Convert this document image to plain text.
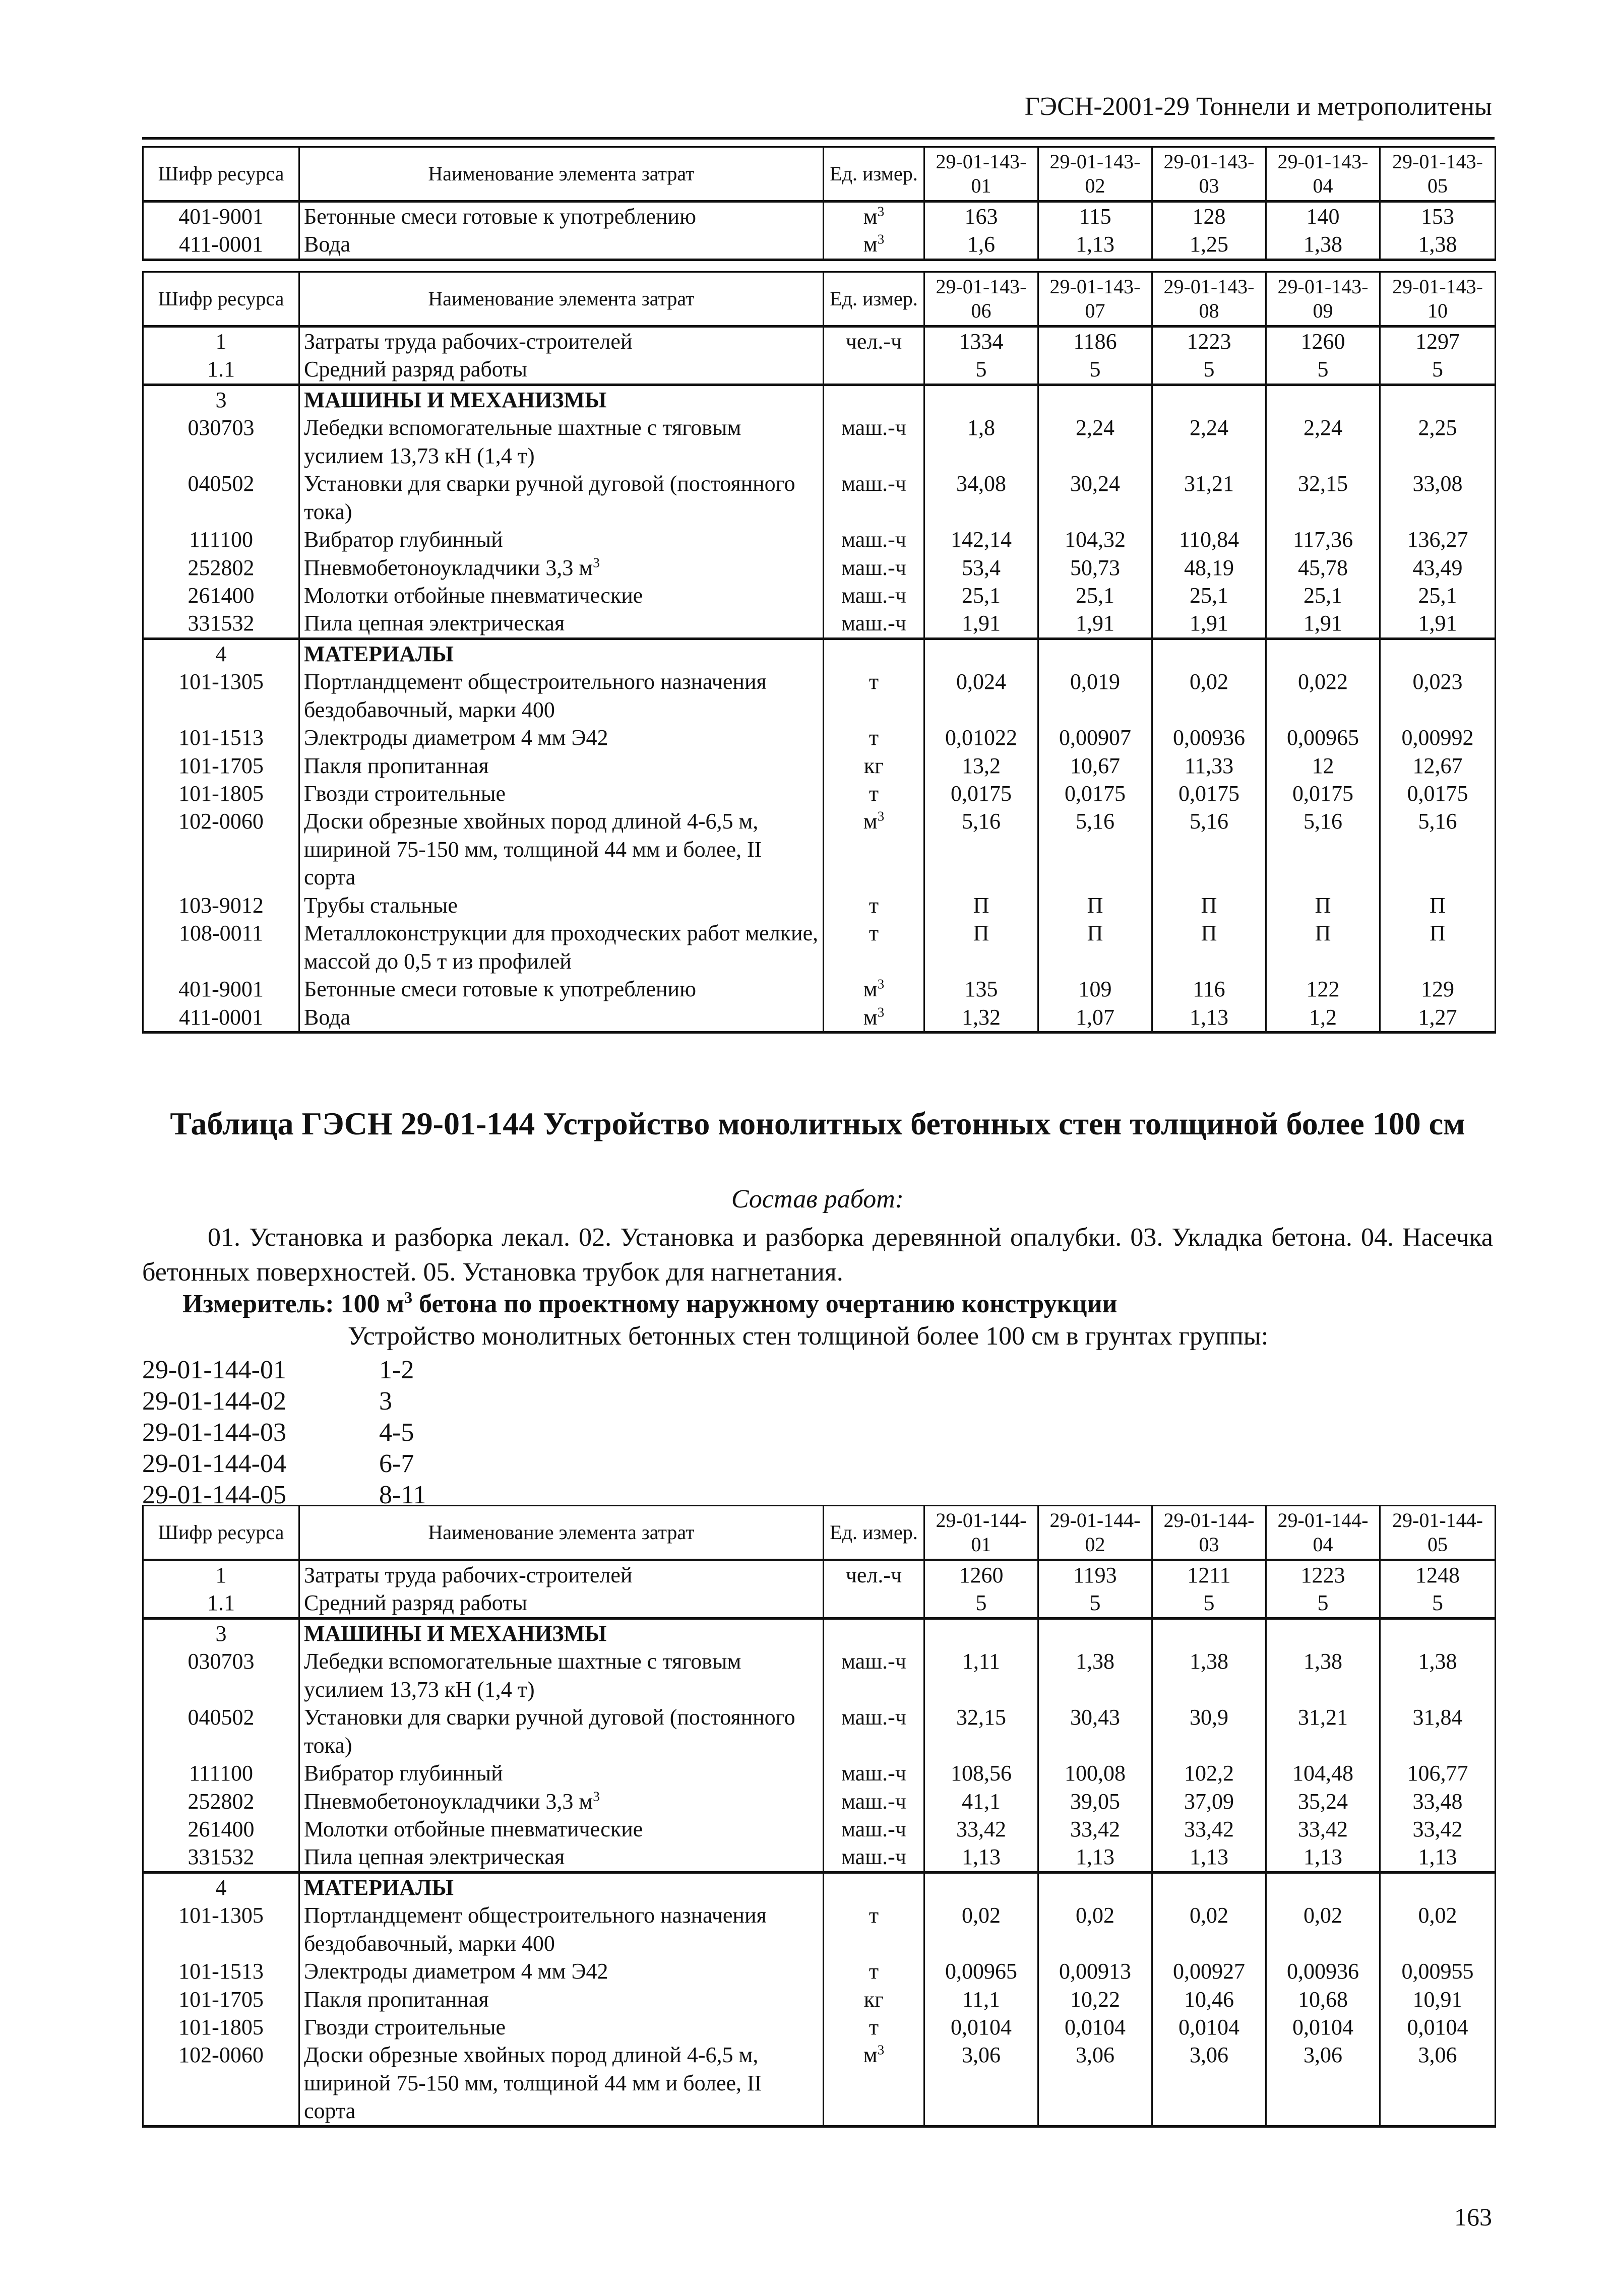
ГЭСН-2001-29 Тоннели и метрополитены
Шифр ресурса	Наименование элемента затрат	Ед. измер.	29-01-143-01	29-01-143-02	29-01-143-03	29-01-143-04	29-01-143-05
401-9001	Бетонные смеси готовые к употреблению	$м^3$	163	115	128	140	153
411-0001	Вода	$м^3$	1,6	1,13	1,25	1,38	1,38
Шифр ресурса	Наименование элемента затрат	Ед. измер.	29-01-143-06	29-01-143-07	29-01-143-08	29-01-143-09	29-01-143-10
1	Затраты труда рабочих-строителей	чел.-ч	1334	1186	1223	1260	1297
1.1	Средний разряд работы		5	5	5	5	5
3	МАШИНЫ И МЕХАНИЗМЫ						
030703	Лебедки вспомогательные шахтные с тяговым усилием 13,73 кН (1,4 т)	маш.-ч	1,8	2,24	2,24	2,24	2,25
040502	Установки для сварки ручной дуговой (постоянного тока)	маш.-ч	34,08	30,24	31,21	32,15	33,08
111100	Вибратор глубинный	маш.-ч	142,14	104,32	110,84	117,36	136,27
252802	Пневмобетоноукладчики 3,3 $м^3$	маш.-ч	53,4	50,73	48,19	45,78	43,49
261400	Молотки отбойные пневматические	маш.-ч	25,1	25,1	25,1	25,1	25,1
331532	Пила цепная электрическая	маш.-ч	1,91	1,91	1,91	1,91	1,91
4	МАТЕРИАЛЫ						
101-1305	Портландцемент общестроительного назначения бездобавочный, марки 400	т	0,024	0,019	0,02	0,022	0,023
101-1513	Электроды диаметром 4 мм Э42	т	0,01022	0,00907	0,00936	0,00965	0,00992
101-1705	Пакля пропитанная	кг	13,2	10,67	11,33	12	12,67
101-1805	Гвозди строительные	т	0,0175	0,0175	0,0175	0,0175	0,0175
102-0060	Доски обрезные хвойных пород длиной 4-6,5 м, шириной 75-150 мм, толщиной 44 мм и более, II сорта	$м^3$	5,16	5,16	5,16	5,16	5,16
103-9012	Трубы стальные	т	П	П	П	П	П
108-0011	Металлоконструкции для проходческих работ мелкие, массой до 0,5 т из профилей	т	П	П	П	П	П
401-9001	Бетонные смеси готовые к употреблению	$м^3$	135	109	116	122	129
411-0001	Вода	$м^3$	1,32	1,07	1,13	1,2	1,27
Таблица ГЭСН 29-01-144 Устройство монолитных бетонных стен толщиной более 100 см
Состав работ:
01. Установка и разборка лекал. 02. Установка и разборка деревянной опалубки. 03. Укладка бетона. 04. Насечка бетонных поверхностей. 05. Установка трубок для нагнетания.
Измеритель: 100 $м^3$ бетона по проектному наружному очертанию конструкции
Устройство монолитных бетонных стен толщиной более 100 см в грунтах группы:
29-01-144-01	1-2
29-01-144-02	3
29-01-144-03	4-5
29-01-144-04	6-7
29-01-144-05	8-11
Шифр ресурса	Наименование элемента затрат	Ед. измер.	29-01-144-01	29-01-144-02	29-01-144-03	29-01-144-04	29-01-144-05
1	Затраты труда рабочих-строителей	чел.-ч	1260	1193	1211	1223	1248
1.1	Средний разряд работы		5	5	5	5	5
3	МАШИНЫ И МЕХАНИЗМЫ						
030703	Лебедки вспомогательные шахтные с тяговым усилием 13,73 кН (1,4 т)	маш.-ч	1,11	1,38	1,38	1,38	1,38
040502	Установки для сварки ручной дуговой (постоянного тока)	маш.-ч	32,15	30,43	30,9	31,21	31,84
111100	Вибратор глубинный	маш.-ч	108,56	100,08	102,2	104,48	106,77
252802	Пневмобетоноукладчики 3,3 $м^3$	маш.-ч	41,1	39,05	37,09	35,24	33,48
261400	Молотки отбойные пневматические	маш.-ч	33,42	33,42	33,42	33,42	33,42
331532	Пила цепная электрическая	маш.-ч	1,13	1,13	1,13	1,13	1,13
4	МАТЕРИАЛЫ						
101-1305	Портландцемент общестроительного назначения бездобавочный, марки 400	т	0,02	0,02	0,02	0,02	0,02
101-1513	Электроды диаметром 4 мм Э42	т	0,00965	0,00913	0,00927	0,00936	0,00955
101-1705	Пакля пропитанная	кг	11,1	10,22	10,46	10,68	10,91
101-1805	Гвозди строительные	т	0,0104	0,0104	0,0104	0,0104	0,0104
102-0060	Доски обрезные хвойных пород длиной 4-6,5 м, шириной 75-150 мм, толщиной 44 мм и более, II сорта	$м^3$	3,06	3,06	3,06	3,06	3,06
163
